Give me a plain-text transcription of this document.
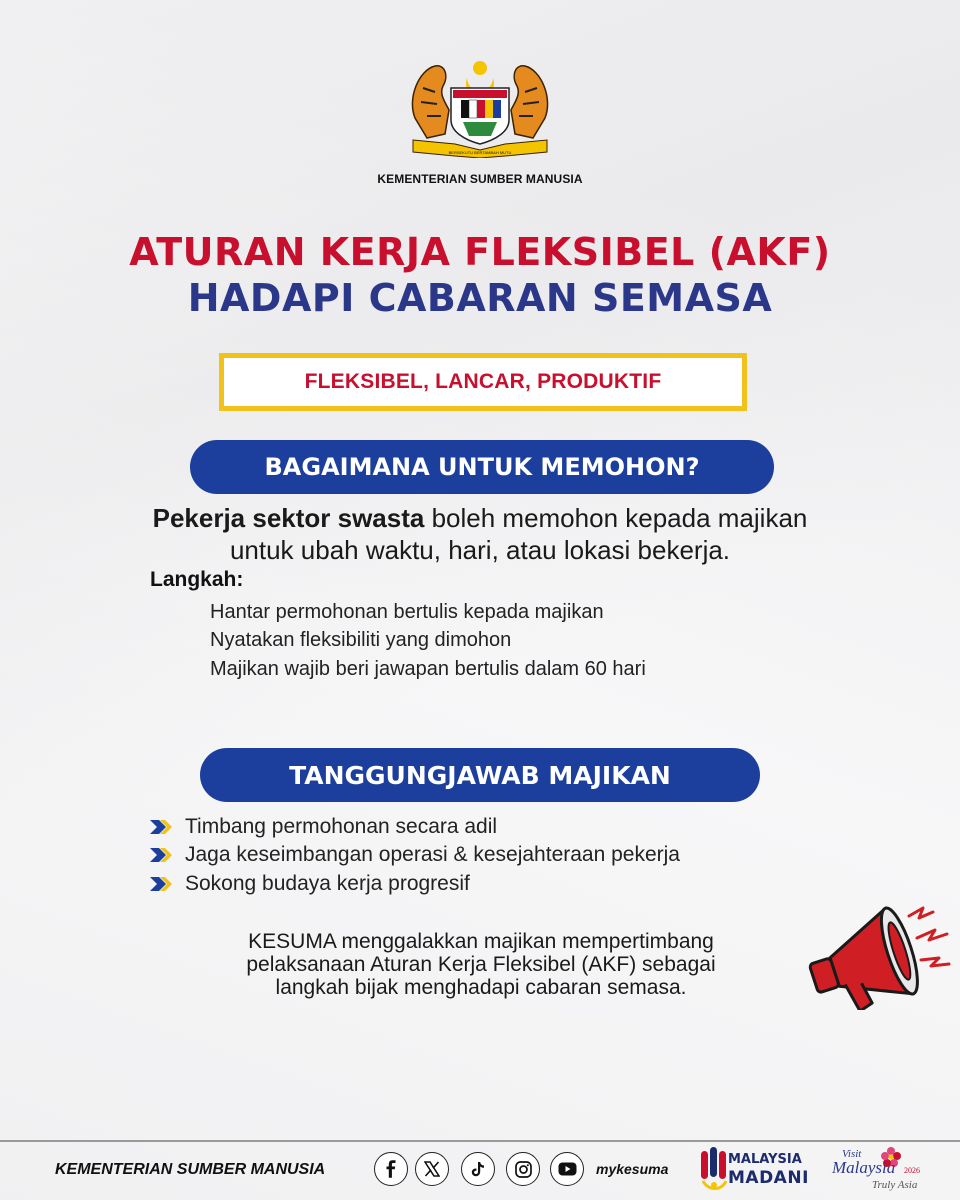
BERSEKUTU BERTAMBAH MUTU
KEMENTERIAN SUMBER MANUSIA
ATURAN KERJA FLEKSIBEL (AKF)
HADAPI CABARAN SEMASA
FLEKSIBEL, LANCAR, PRODUKTIF
BAGAIMANA UNTUK MEMOHON?
Pekerja sektor swasta boleh memohon kepada majikan
untuk ubah waktu, hari, atau lokasi bekerja.
Langkah:
Hantar permohonan bertulis kepada majikan
Nyatakan fleksibiliti yang dimohon
Majikan wajib beri jawapan bertulis dalam 60 hari
TANGGUNGJAWAB MAJIKAN
Timbang permohonan secara adil
Jaga keseimbangan operasi & kesejahteraan pekerja
Sokong budaya kerja progresif
KESUMA menggalakkan majikan mempertimbang
pelaksanaan Aturan Kerja Fleksibel (AKF) sebagai
langkah bijak menghadapi cabaran semasa.
KEMENTERIAN SUMBER MANUSIA	mykesuma
MALAYSIA
MADANI
Visit
Malaysia 2026
Truly Asia
